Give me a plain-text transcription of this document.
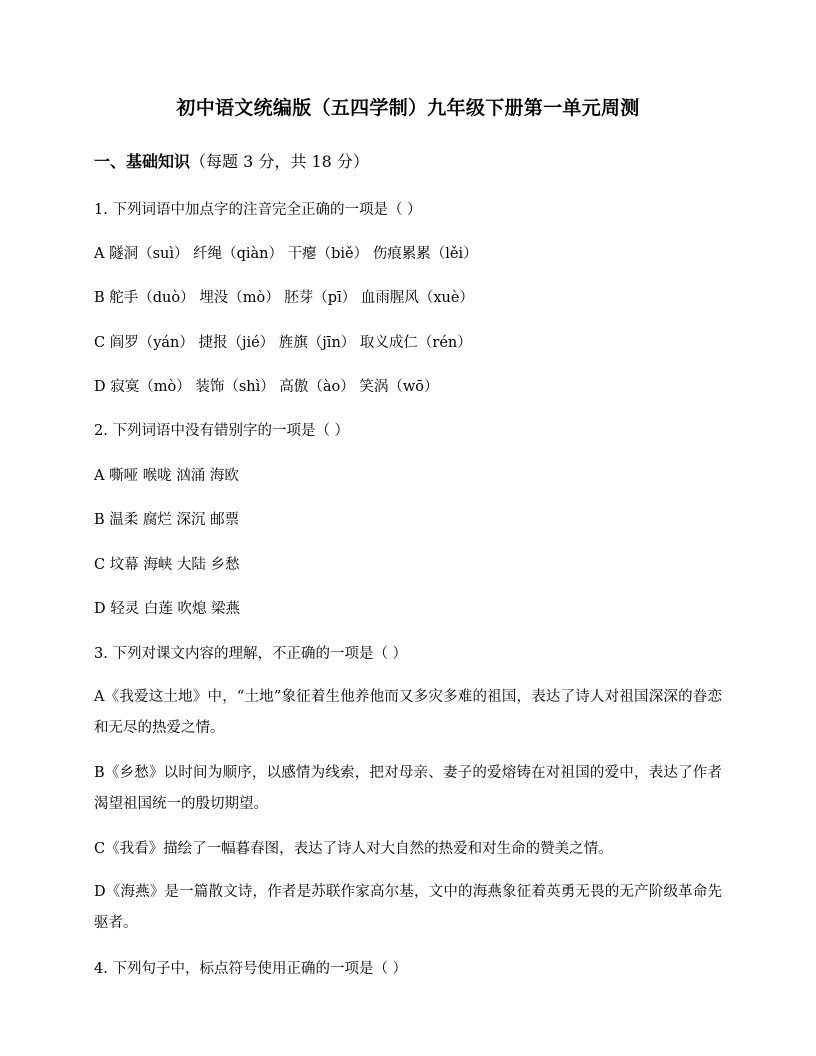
初中语文统编版（五四学制）九年级下册第一单元周测
一、基础知识（每题 3 分，共 18 分）
1. 下列词语中加点字的注音完全正确的一项是（ ）
A 隧洞（suì） 纤绳（qiàn） 干瘪（biě） 伤痕累累（lěi）
B 舵手（duò） 埋没（mò） 胚芽（pī） 血雨腥风（xuè）
C 阎罗（yán） 捷报（jié） 旌旗（jīn） 取义成仁（rén）
D 寂寞（mò） 装饰（shì） 高傲（ào） 笑涡（wō）
2. 下列词语中没有错别字的一项是（ ）
A 嘶哑 喉咙 汹涌 海欧
B 温柔 腐烂 深沉 邮票
C 坟幕 海峡 大陆 乡愁
D 轻灵 白莲 吹熄 梁燕
3. 下列对课文内容的理解，不正确的一项是（ ）
A《我爱这土地》中，“土地”象征着生他养他而又多灾多难的祖国，表达了诗人对祖国深深的眷恋和无尽的热爱之情。
B《乡愁》以时间为顺序，以感情为线索，把对母亲、妻子的爱熔铸在对祖国的爱中，表达了作者渴望祖国统一的殷切期望。
C《我看》描绘了一幅暮春图，表达了诗人对大自然的热爱和对生命的赞美之情。
D《海燕》是一篇散文诗，作者是苏联作家高尔基，文中的海燕象征着英勇无畏的无产阶级革命先驱者。
4. 下列句子中，标点符号使用正确的一项是（ ）
